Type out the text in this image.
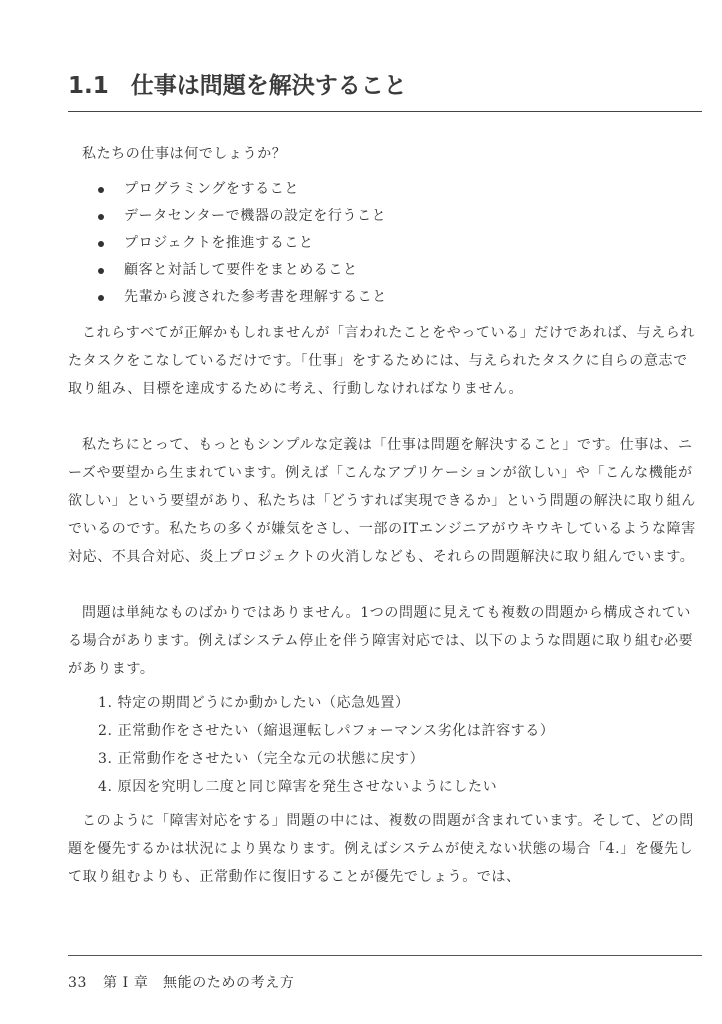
1.1 仕事は問題を解決すること

私たちの仕事は何でしょうか？

プログラミングをすること
データセンターで機器の設定を行うこと
プロジェクトを推進すること
顧客と対話して要件をまとめること
先輩から渡された参考書を理解すること

これらすべてが正解かもしれませんが「言われたことをやっている」だけであれば、与えられたタスクをこなしているだけです。「仕事」をするためには、与えられたタスクに自らの意志で取り組み、目標を達成するために考え、行動しなければなりません。

私たちにとって、もっともシンプルな定義は「仕事は問題を解決すること」です。仕事は、ニーズや要望から生まれています。例えば「こんなアプリケーションが欲しい」や「こんな機能が欲しい」という要望があり、私たちは「どうすれば実現できるか」という問題の解決に取り組んでいるのです。私たちの多くが嫌気をさし、一部のITエンジニアがウキウキしているような障害対応、不具合対応、炎上プロジェクトの火消しなども、それらの問題解決に取り組んでいます。

問題は単純なものばかりではありません。1つの問題に見えても複数の問題から構成されている場合があります。例えばシステム停止を伴う障害対応では、以下のような問題に取り組む必要があります。

1. 特定の期間どうにか動かしたい（応急処置）
2. 正常動作をさせたい（縮退運転しパフォーマンス劣化は許容する）
3. 正常動作をさせたい（完全な元の状態に戻す）
4. 原因を究明し二度と同じ障害を発生させないようにしたい

このように「障害対応をする」問題の中には、複数の問題が含まれています。そして、どの問題を優先するかは状況により異なります。例えばシステムが使えない状態の場合「4.」を優先して取り組むよりも、正常動作に復旧することが優先でしょう。では、

33 第 I 章　無能のための考え方
